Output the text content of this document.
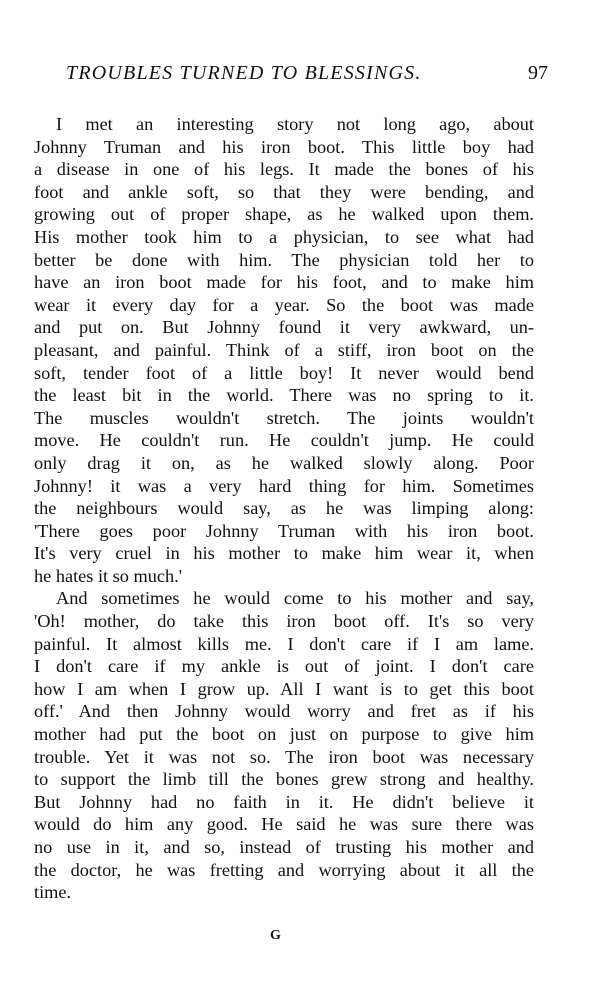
TROUBLES TURNED TO BLESSINGS.	97
I met an interesting story not long ago, about
Johnny Truman and his iron boot. This little boy had
a disease in one of his legs. It made the bones of his
foot and ankle soft, so that they were bending, and
growing out of proper shape, as he walked upon them.
His mother took him to a physician, to see what had
better be done with him. The physician told her to
have an iron boot made for his foot, and to make him
wear it every day for a year. So the boot was made
and put on. But Johnny found it very awkward, un-
pleasant, and painful. Think of a stiff, iron boot on the
soft, tender foot of a little boy! It never would bend
the least bit in the world. There was no spring to it.
The muscles wouldn't stretch. The joints wouldn't
move. He couldn't run. He couldn't jump. He could
only drag it on, as he walked slowly along. Poor
Johnny! it was a very hard thing for him. Sometimes
the neighbours would say, as he was limping along:
'There goes poor Johnny Truman with his iron boot.
It's very cruel in his mother to make him wear it, when
he hates it so much.'
And sometimes he would come to his mother and say,
'Oh! mother, do take this iron boot off. It's so very
painful. It almost kills me. I don't care if I am lame.
I don't care if my ankle is out of joint. I don't care
how I am when I grow up. All I want is to get this boot
off.' And then Johnny would worry and fret as if his
mother had put the boot on just on purpose to give him
trouble. Yet it was not so. The iron boot was necessary
to support the limb till the bones grew strong and healthy.
But Johnny had no faith in it. He didn't believe it
would do him any good. He said he was sure there was
no use in it, and so, instead of trusting his mother and
the doctor, he was fretting and worrying about it all the
time.
G
